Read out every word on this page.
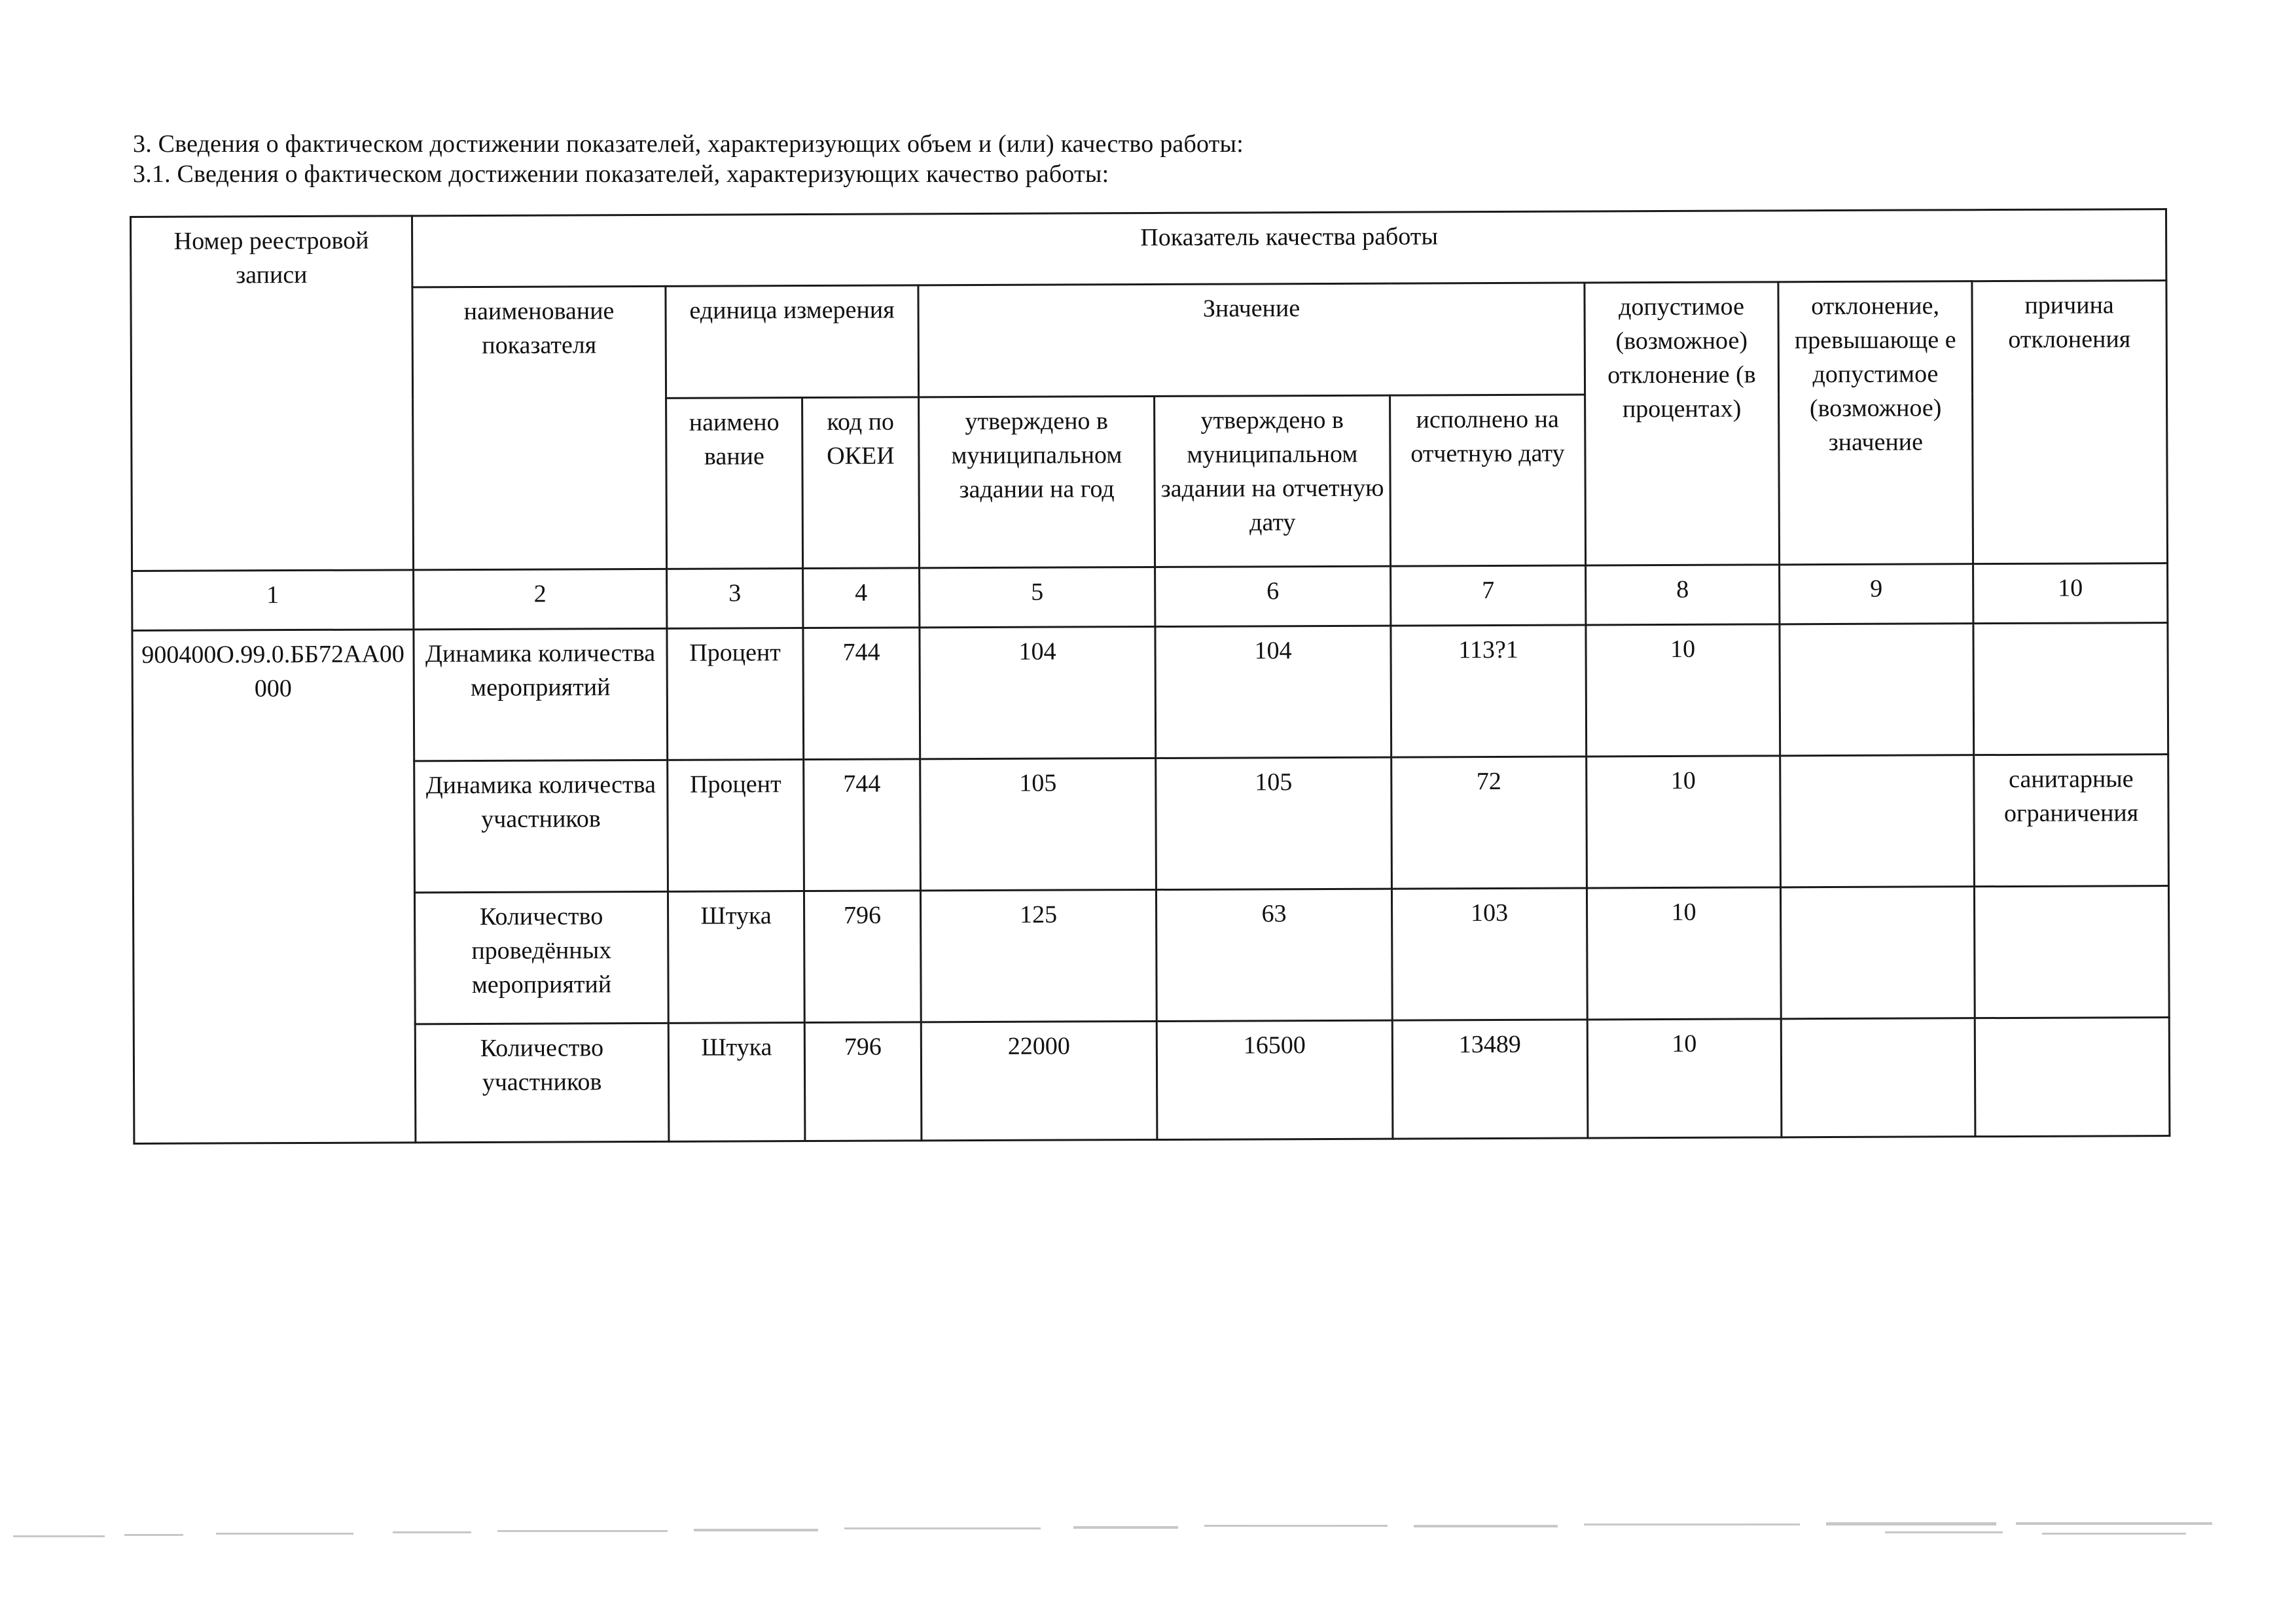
3. Сведения о фактическом достижении показателей, характеризующих объем и (или) качество работы:
3.1. Сведения о фактическом достижении показателей, характеризующих качество работы:
Номер реестровой записи	Показатель качества работы								
	наименование показателя	единица измерения		Значение			допустимое (возможное) отклонение (в процентах)	отклонение, превышающе е допустимое (возможное) значение	причина отклонения
		наимено вание	код по ОКЕИ	утверждено в муниципальном задании на год	утверждено в муниципальном задании на отчетную дату	исполнено на отчетную дату			
1	2	3	4	5	6	7	8	9	10
900400О.99.0.ББ72АА00000	Динамика количества мероприятий	Процент	744	104	104	113?1	10		
	Динамика количества участников	Процент	744	105	105	72	10		санитарные ограничения
	Количество проведённых мероприятий	Штука	796	125	63	103	10		
	Количество участников	Штука	796	22000	16500	13489	10		
